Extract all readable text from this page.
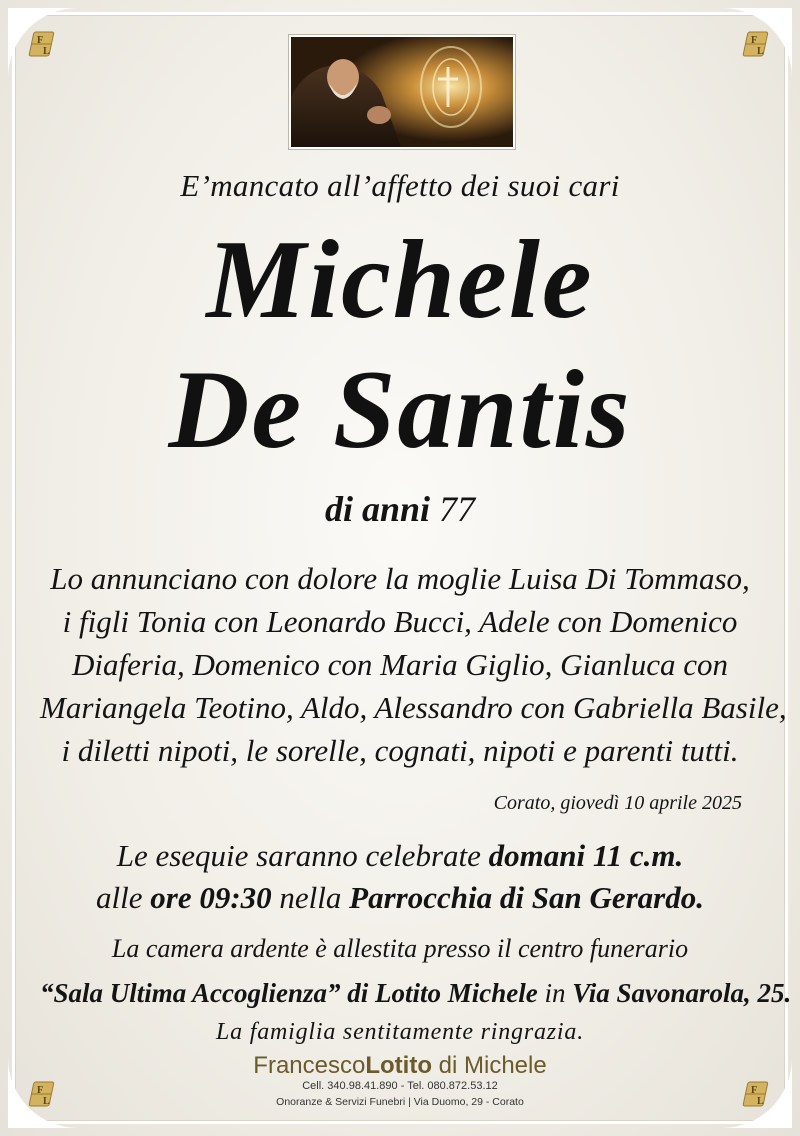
F
L
F
L
F
L
F
L
E’mancato all’affetto dei suoi cari
Michele
De Santis
di anni 77
Lo annunciano con dolore la moglie Luisa Di Tommaso,
i figli Tonia con Leonardo Bucci, Adele con Domenico
Diaferia, Domenico con Maria Giglio, Gianluca con
Mariangela Teotino, Aldo, Alessandro con Gabriella Basile,
i diletti nipoti, le sorelle, cognati, nipoti e parenti tutti.
Corato, giovedì 10 aprile 2025
Le esequie saranno celebrate domani 11 c.m.
alle ore 09:30 nella Parrocchia di San Gerardo.
La camera ardente è allestita presso il centro funerario
“Sala Ultima Accoglienza” di Lotito Michele in Via Savonarola, 25.
La famiglia sentitamente ringrazia.
FrancescoLotito di Michele
Cell. 340.98.41.890 - Tel. 080.872.53.12
Onoranze & Servizi Funebri | Via Duomo, 29 - Corato
